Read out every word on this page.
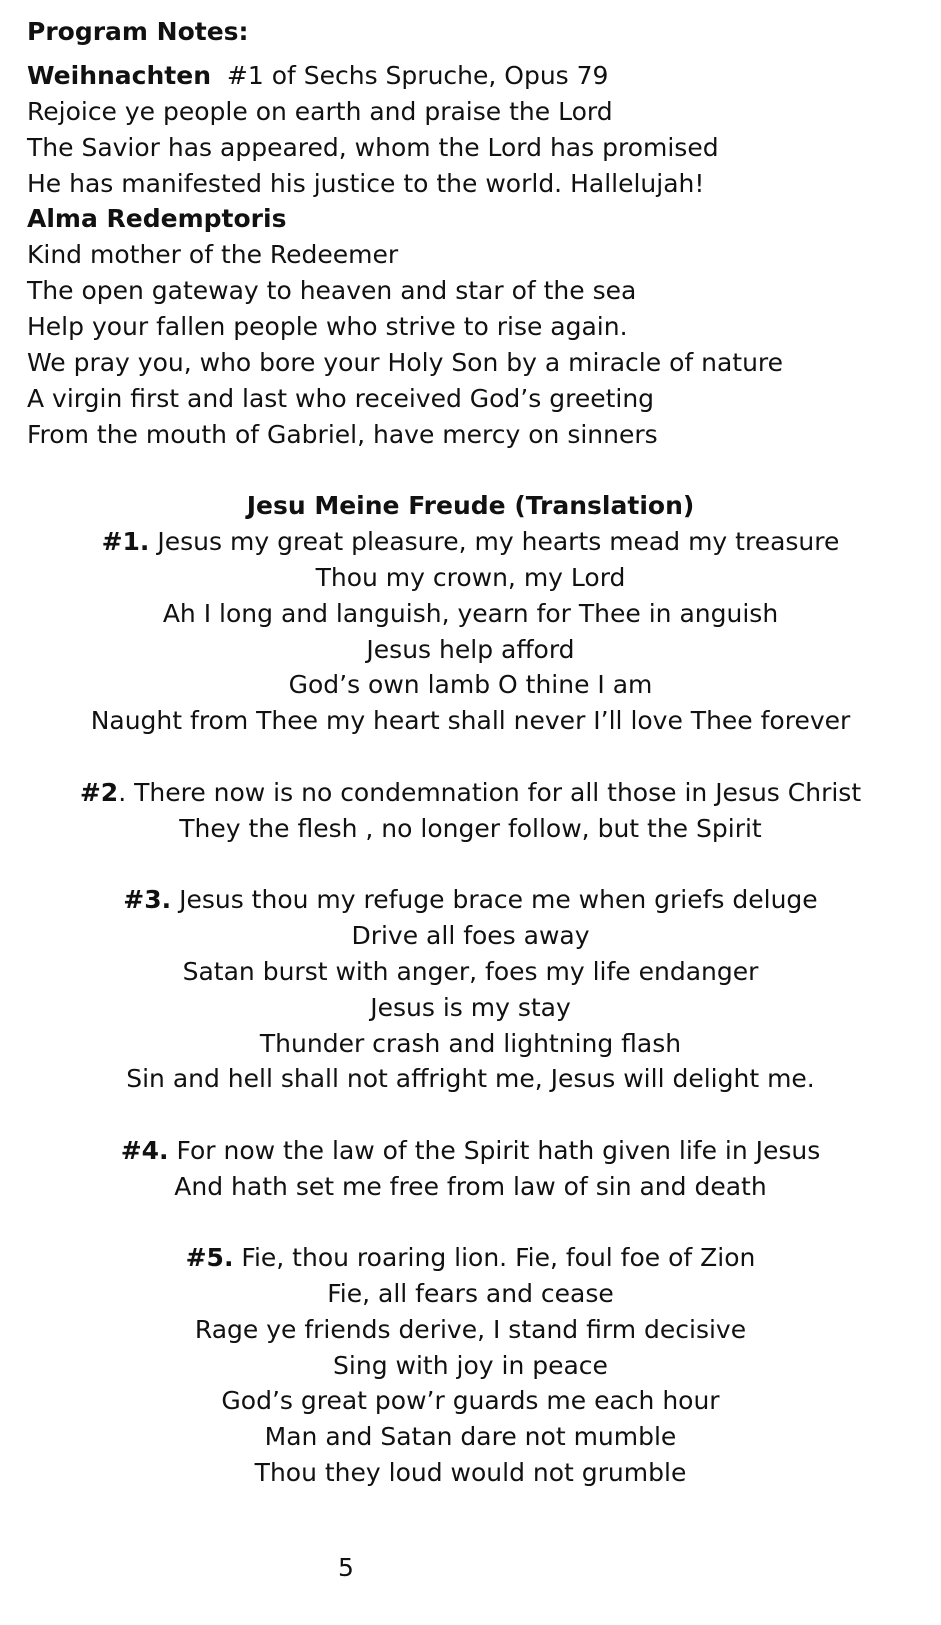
Program Notes:
Weihnachten #1 of Sechs Spruche, Opus 79
Rejoice ye people on earth and praise the Lord
The Savior has appeared, whom the Lord has promised
He has manifested his justice to the world. Hallelujah!
Alma Redemptoris
Kind mother of the Redeemer
The open gateway to heaven and star of the sea
Help your fallen people who strive to rise again.
We pray you, who bore your Holy Son by a miracle of nature
A virgin first and last who received God’s greeting
From the mouth of Gabriel, have mercy on sinners
Jesu Meine Freude (Translation)
#1. Jesus my great pleasure, my hearts mead my treasure
Thou my crown, my Lord
Ah I long and languish, yearn for Thee in anguish
Jesus help afford
God’s own lamb O thine I am
Naught from Thee my heart shall never I’ll love Thee forever
#2. There now is no condemnation for all those in Jesus Christ
They the flesh , no longer follow, but the Spirit
#3. Jesus thou my refuge brace me when griefs deluge
Drive all foes away
Satan burst with anger, foes my life endanger
Jesus is my stay
Thunder crash and lightning flash
Sin and hell shall not affright me, Jesus will delight me.
#4. For now the law of the Spirit hath given life in Jesus
And hath set me free from law of sin and death
#5. Fie, thou roaring lion. Fie, foul foe of Zion
Fie, all fears and cease
Rage ye friends derive, I stand firm decisive
Sing with joy in peace
God’s great pow’r guards me each hour
Man and Satan dare not mumble
Thou they loud would not grumble
5
